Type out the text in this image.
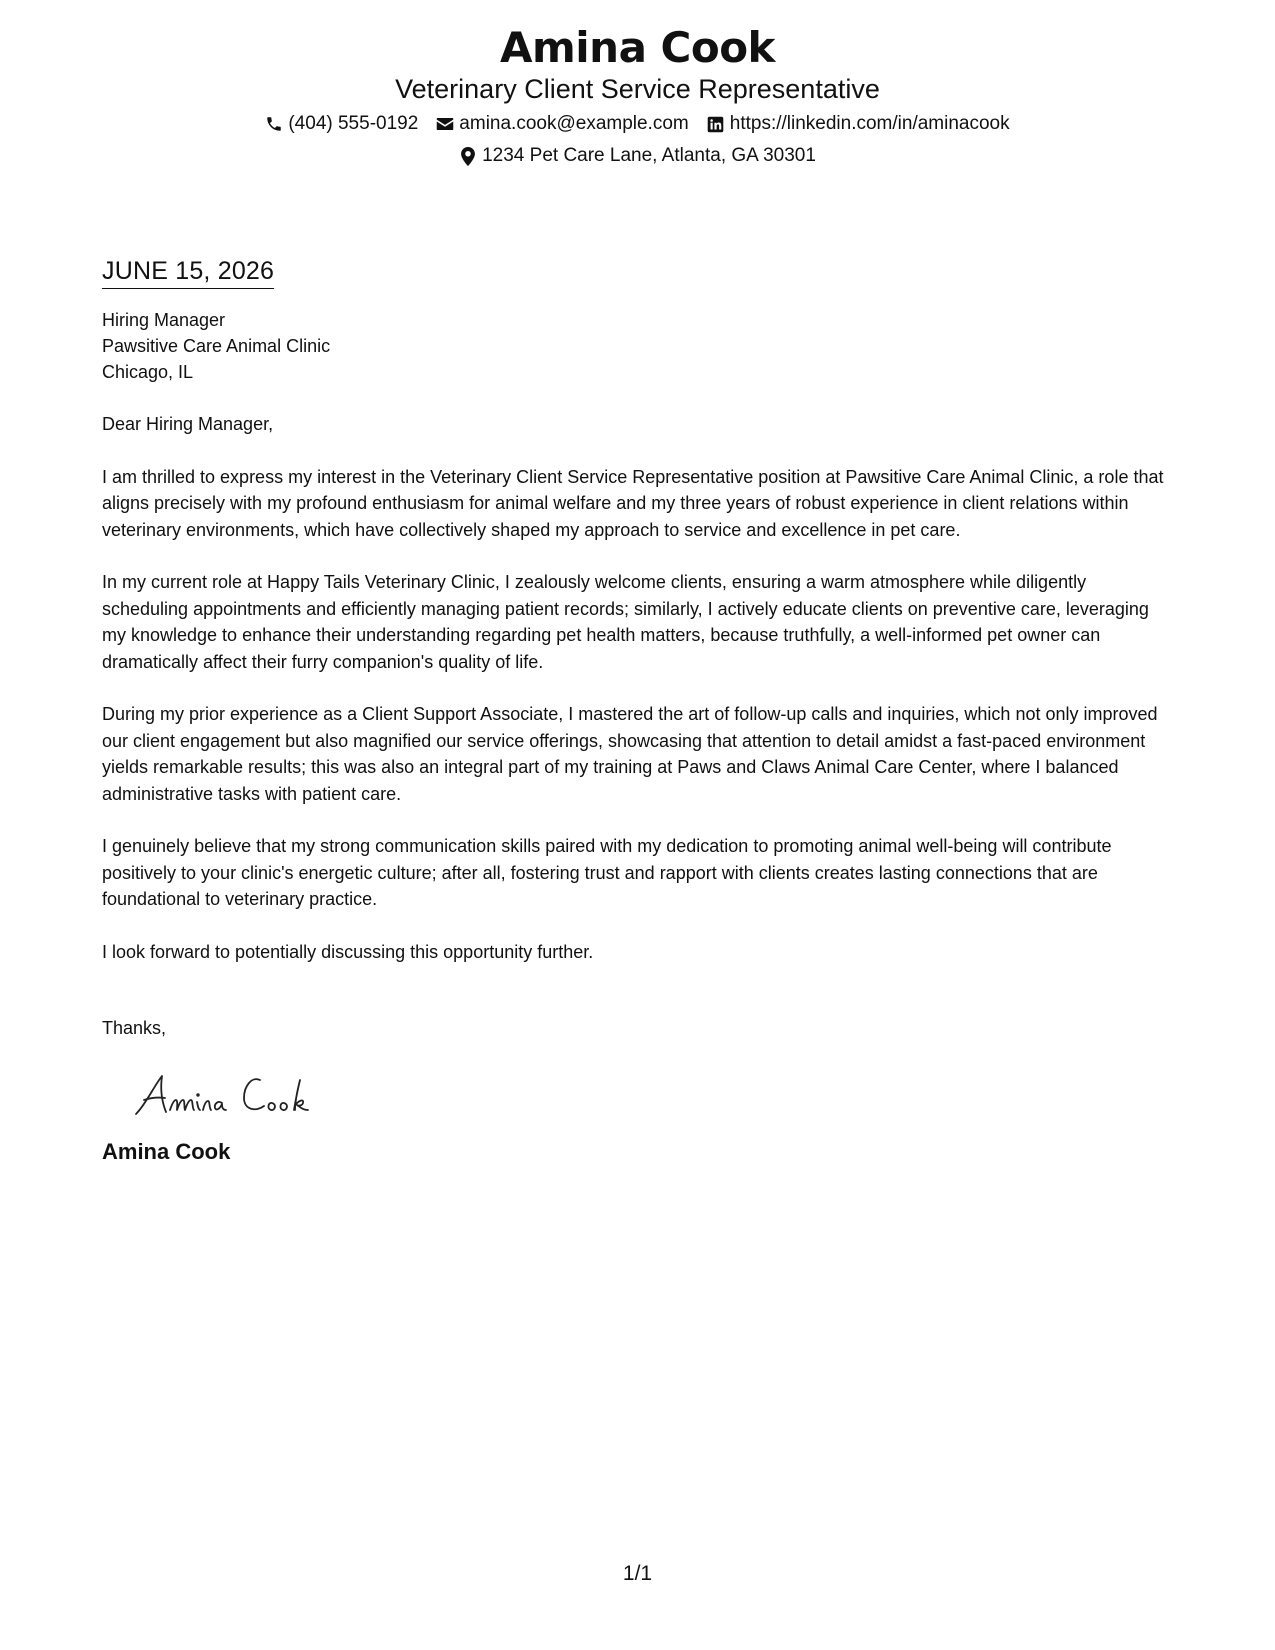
Amina Cook
Veterinary Client Service Representative
(404) 555-0192 amina.cook@example.com https://linkedin.com/in/aminacook
1234 Pet Care Lane, Atlanta, GA 30301
JUNE 15, 2026
Hiring Manager
Pawsitive Care Animal Clinic
Chicago, IL
Dear Hiring Manager,
I am thrilled to express my interest in the Veterinary Client Service Representative position at Pawsitive Care Animal Clinic, a role that aligns precisely with my profound enthusiasm for animal welfare and my three years of robust experience in client relations within veterinary environments, which have collectively shaped my approach to service and excellence in pet care.
In my current role at Happy Tails Veterinary Clinic, I zealously welcome clients, ensuring a warm atmosphere while diligently scheduling appointments and efficiently managing patient records; similarly, I actively educate clients on preventive care, leveraging my knowledge to enhance their understanding regarding pet health matters, because truthfully, a well-informed pet owner can dramatically affect their furry companion's quality of life.
During my prior experience as a Client Support Associate, I mastered the art of follow-up calls and inquiries, which not only improved our client engagement but also magnified our service offerings, showcasing that attention to detail amidst a fast-paced environment yields remarkable results; this was also an integral part of my training at Paws and Claws Animal Care Center, where I balanced administrative tasks with patient care.
I genuinely believe that my strong communication skills paired with my dedication to promoting animal well-being will contribute positively to your clinic's energetic culture; after all, fostering trust and rapport with clients creates lasting connections that are foundational to veterinary practice.
I look forward to potentially discussing this opportunity further.
Thanks,
Amina Cook
1/1
